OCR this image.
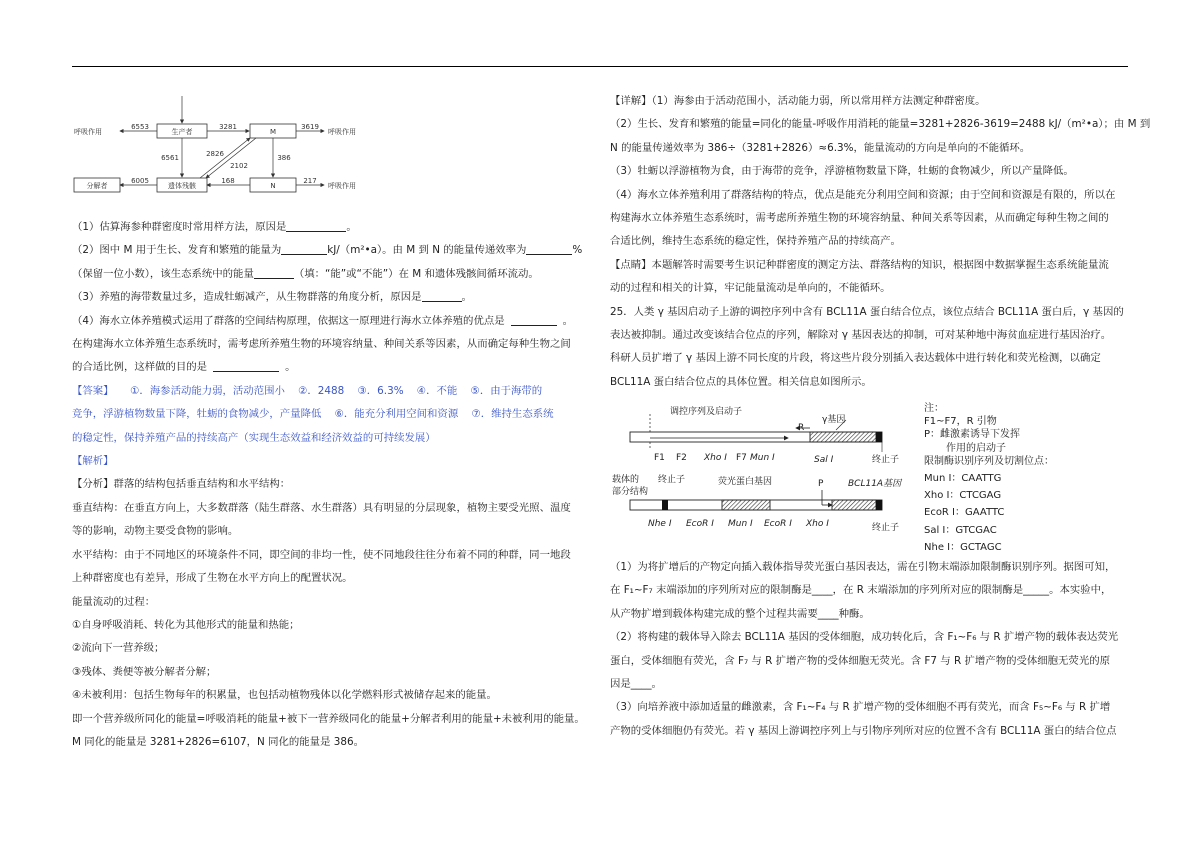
生产者	M
遗体残骸	N
分解者
6553
呼吸作用
3281	3619
呼吸作用
6561	2826
2102
386
6005	168	217
呼吸作用

（1）估算海参种群密度时常用样方法，原因是	。

（2）图中 M 用于生长、发育和繁殖的能量为	kJ/（m²•a）。由 M 到 N 的能量传递效率为	%

（保留一位小数），该生态系统中的能量	（填：“能”或“不能”）在 M 和遗体残骸间循环流动。

（3）养殖的海带数量过多，造成牡蛎减产，从生物群落的角度分析，原因是	。

（4）海水立体养殖模式运用了群落的空间结构原理，依据这一原理进行海水立体养殖的优点是	。

在构建海水立体养殖生态系统时，需考虑所养殖生物的环境容纳量、种间关系等因素，从而确定每种生物之间

的合适比例，这样做的目的是	。

【答案】 ①．海参活动能力弱，活动范围小 ②．2488 ③．6.3% ④．不能 ⑤．由于海带的

竞争，浮游植物数量下降，牡蛎的食物减少，产量降低 ⑥．能充分利用空间和资源 ⑦．维持生态系统

的稳定性，保持养殖产品的持续高产（实现生态效益和经济效益的可持续发展）

【解析】

【分析】群落的结构包括垂直结构和水平结构：

垂直结构：在垂直方向上，大多数群落（陆生群落、水生群落）具有明显的分层现象，植物主要受光照、温度

等的影响，动物主要受食物的影响。

水平结构：由于不同地区的环境条件不同，即空间的非均一性，使不同地段往往分布着不同的种群，同一地段

上种群密度也有差异，形成了生物在水平方向上的配置状况。

能量流动的过程：

①自身呼吸消耗、转化为其他形式的能量和热能；

②流向下一营养级；

③残体、粪便等被分解者分解；

④未被利用：包括生物每年的积累量，也包括动植物残体以化学燃料形式被储存起来的能量。

即一个营养级所同化的能量=呼吸消耗的能量+被下一营养级同化的能量+分解者利用的能量+未被利用的能量。

M 同化的能量是 3281+2826=6107，N 同化的能量是 386。

【详解】（1）海参由于活动范围小，活动能力弱，所以常用样方法测定种群密度。

（2）生长、发育和繁殖的能量=同化的能量-呼吸作用消耗的能量=3281+2826-3619=2488 kJ/（m²•a）；由 M 到

N 的能量传递效率为 386÷（3281+2826）≈6.3%，能量流动的方向是单向的不能循环。

（3）牡蛎以浮游植物为食，由于海带的竞争，浮游植物数量下降，牡蛎的食物减少，所以产量降低。

（4）海水立体养殖利用了群落结构的特点，优点是能充分利用空间和资源；由于空间和资源是有限的，所以在

构建海水立体养殖生态系统时，需考虑所养殖生物的环境容纳量、种间关系等因素，从而确定每种生物之间的

合适比例，维持生态系统的稳定性，保持养殖产品的持续高产。

【点睛】本题解答时需要考生识记种群密度的测定方法、群落结构的知识，根据图中数据掌握生态系统能量流

动的过程和相关的计算，牢记能量流动是单向的，不能循环。

25．人类 γ 基因启动子上游的调控序列中含有 BCL11A 蛋白结合位点，该位点结合 BCL11A 蛋白后，γ 基因的

表达被抑制。通过改变该结合位点的序列，解除对 γ 基因表达的抑制，可对某种地中海贫血症进行基因治疗。

科研人员扩增了 γ 基因上游不同长度的片段，将这些片段分别插入表达载体中进行转化和荧光检测，以确定

BCL11A 蛋白结合位点的具体位置。相关信息如图所示。

调控序列及启动子
γ基因
R
F1 F2 Xho I F7 Mun I	Sal I	终止子
载体的
部分结构
终止子	荧光蛋白基因	P	BCL11A基因
Nhe I EcoR I Mun I EcoR I Xho I	终止子
注：
F1~F7，R 引物
P：雌激素诱导下发挥
作用的启动子
限制酶识别序列及切割位点：
Mun I：CAATTG
Xho I：CTCGAG
EcoR I：GAATTC
Sal I：GTCGAC
Nhe I：GCTAGC

（1）为将扩增后的产物定向插入载体指导荧光蛋白基因表达，需在引物末端添加限制酶识别序列。据图可知，

在 F₁~F₇ 末端添加的序列所对应的限制酶是____，在 R 末端添加的序列所对应的限制酶是_____。本实验中，

从产物扩增到载体构建完成的整个过程共需要____种酶。

（2）将构建的载体导入除去 BCL11A 基因的受体细胞，成功转化后，含 F₁~F₆ 与 R 扩增产物的载体表达荧光

蛋白，受体细胞有荧光，含 F₇ 与 R 扩增产物的受体细胞无荧光。含 F7 与 R 扩增产物的受体细胞无荧光的原

因是____。

（3）向培养液中添加适量的雌激素，含 F₁~F₄ 与 R 扩增产物的受体细胞不再有荧光，而含 F₅~F₆ 与 R 扩增

产物的受体细胞仍有荧光。若 γ 基因上游调控序列上与引物序列所对应的位置不含有 BCL11A 蛋白的结合位点
